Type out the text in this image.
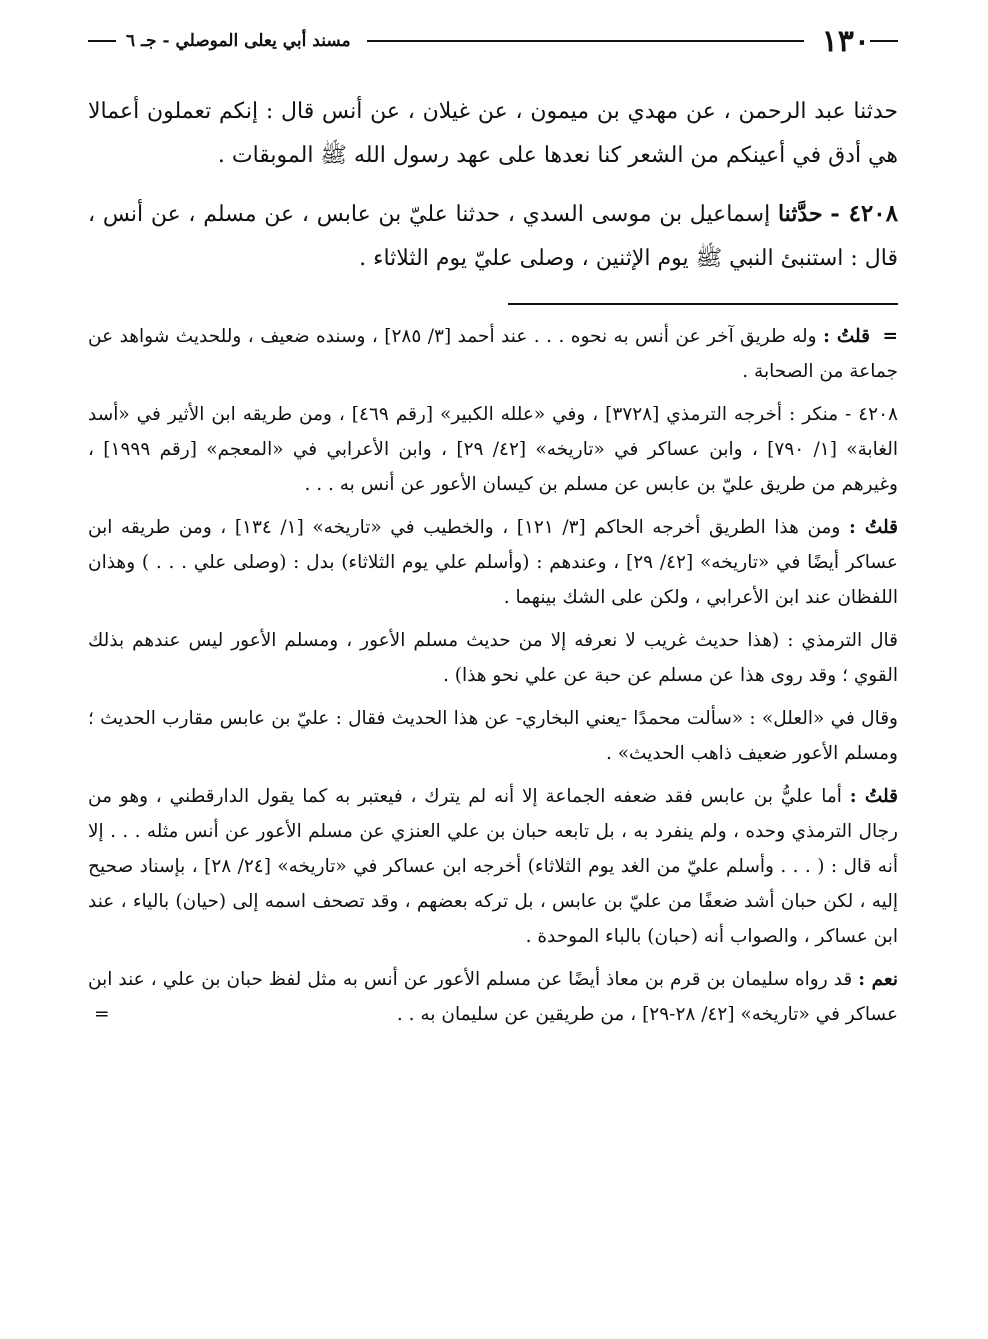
١٣٠
مسند أبي يعلى الموصلي - جـ ٦

حدثنا عبد الرحمن ، عن مهدي بن ميمون ، عن غيلان ، عن أنس قال : إنكم تعملون أعمالا هي أدق في أعينكم من الشعر كنا نعدها على عهد رسول الله ﷺ الموبقات .

٤٢٠٨ - حدَّثنا إسماعيل بن موسى السدي ، حدثنا عليّ بن عابس ، عن مسلم ، عن أنس ، قال : استنبئ النبي ﷺ يوم الإثنين ، وصلى عليّ يوم الثلاثاء .

= قلتُ : وله طريق آخر عن أنس به نحوه . . . عند أحمد [٣/ ٢٨٥] ، وسنده ضعيف ، وللحديث شواهد عن جماعة من الصحابة .

٤٢٠٨ - منكر : أخرجه الترمذي [٣٧٢٨] ، وفي «علله الكبير» [رقم ٤٦٩] ، ومن طريقه ابن الأثير في «أسد الغابة» [١/ ٧٩٠] ، وابن عساكر في «تاريخه» [٤٢/ ٢٩] ، وابن الأعرابي في «المعجم» [رقم ١٩٩٩] ، وغيرهم من طريق عليّ بن عابس عن مسلم بن كيسان الأعور عن أنس به . . .

قلتُ : ومن هذا الطريق أخرجه الحاكم [٣/ ١٢١] ، والخطيب في «تاريخه» [١/ ١٣٤] ، ومن طريقه ابن عساكر أيضًا في «تاريخه» [٤٢/ ٢٩] ، وعندهم : (وأسلم علي يوم الثلاثاء) بدل : (وصلى علي . . . ) وهذان اللفظان عند ابن الأعرابي ، ولكن على الشك بينهما .

قال الترمذي : (هذا حديث غريب لا نعرفه إلا من حديث مسلم الأعور ، ومسلم الأعور ليس عندهم بذلك القوي ؛ وقد روى هذا عن مسلم عن حبة عن علي نحو هذا) .

وقال في «العلل» : «سألت محمدًا -يعني البخاري- عن هذا الحديث فقال : عليّ بن عابس مقارب الحديث ؛ ومسلم الأعور ضعيف ذاهب الحديث» .

قلتُ : أما عليُّ بن عابس فقد ضعفه الجماعة إلا أنه لم يترك ، فيعتبر به كما يقول الدارقطني ، وهو من رجال الترمذي وحده ، ولم ينفرد به ، بل تابعه حبان بن علي العنزي عن مسلم الأعور عن أنس مثله . . . إلا أنه قال : ( . . . وأسلم عليّ من الغد يوم الثلاثاء) أخرجه ابن عساكر في «تاريخه» [٢٤/ ٢٨] ، بإسناد صحيح إليه ، لكن حبان أشد ضعفًا من عليّ بن عابس ، بل تركه بعضهم ، وقد تصحف اسمه إلى (حيان) بالياء ، عند ابن عساكر ، والصواب أنه (حبان) بالباء الموحدة .

نعم : قد رواه سليمان بن قرم بن معاذ أيضًا عن مسلم الأعور عن أنس به مثل لفظ حبان بن علي ، عند ابن عساكر في «تاريخه» [٤٢/ ٢٨-٢٩] ، من طريقين عن سليمان به . .
=
